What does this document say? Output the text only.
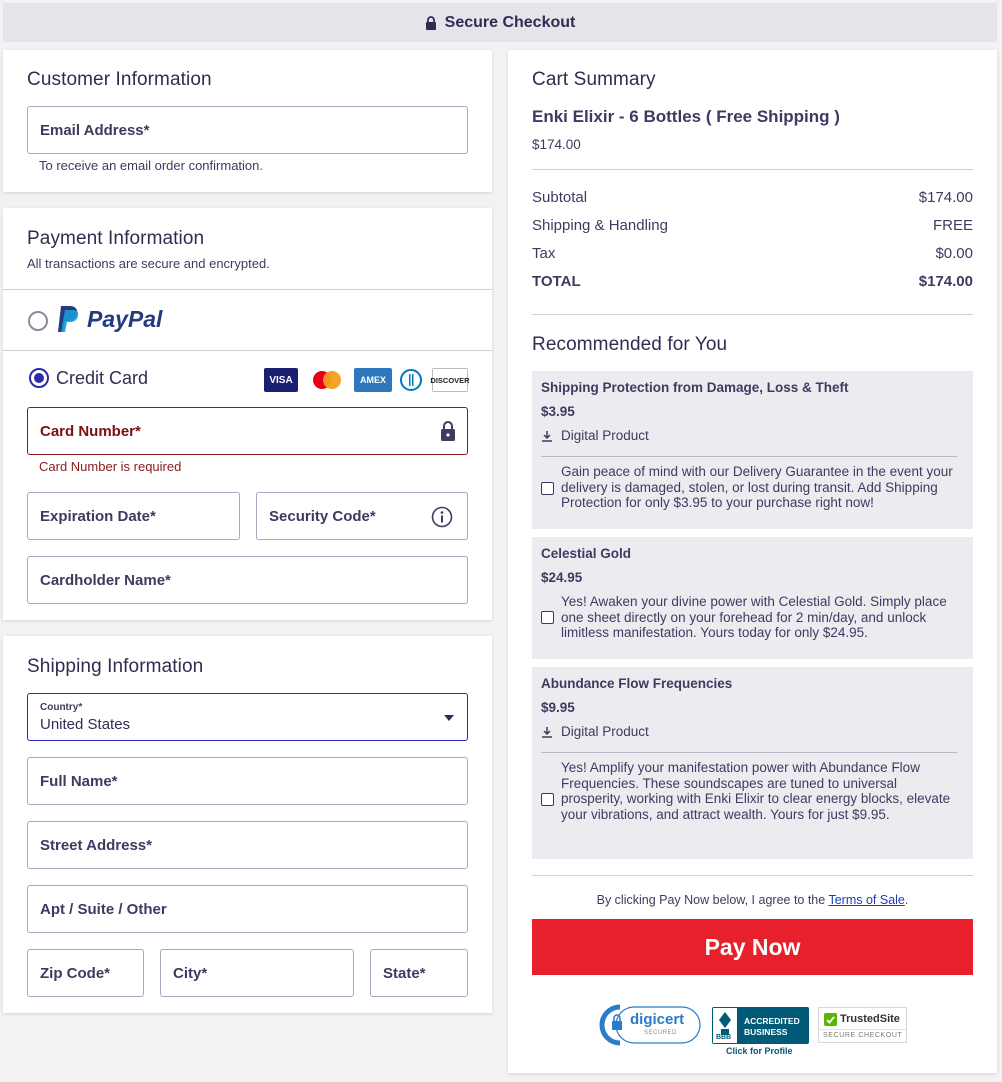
Secure Checkout
Customer Information
Email Address*
To receive an email order confirmation.
Payment Information
All transactions are secure and encrypted.
PayPal
Credit Card	VISA	AMEX	DISCOVER
Card Number*
Card Number is required
Expiration Date*	Security Code*
Cardholder Name*
Shipping Information
Country*
United States
Full Name*
Street Address*
Apt / Suite / Other
Zip Code*	City*	State*
Cart Summary
Enki Elixir - 6 Bottles ( Free Shipping )
$174.00
Subtotal	$174.00
Shipping & Handling	FREE
Tax	$0.00
TOTAL	$174.00
Recommended for You
Shipping Protection from Damage, Loss & Theft
$3.95
Digital Product
Gain peace of mind with our Delivery Guarantee in the event your delivery is damaged, stolen, or lost during transit. Add Shipping Protection for only $3.95 to your purchase right now!
Celestial Gold
$24.95
Yes! Awaken your divine power with Celestial Gold. Simply place one sheet directly on your forehead for 2 min/day, and unlock limitless manifestation. Yours today for only $24.95.
Abundance Flow Frequencies
$9.95
Digital Product
Yes! Amplify your manifestation power with Abundance Flow Frequencies. These soundscapes are tuned to universal prosperity, working with Enki Elixir to clear energy blocks, elevate your vibrations, and attract wealth. Yours for just $9.95.
By clicking Pay Now below, I agree to the Terms of Sale.
Pay Now
digicert
SECURED
BBB
ACCREDITED
BUSINESS
Click for Profile
TrustedSite
SECURE CHECKOUT
